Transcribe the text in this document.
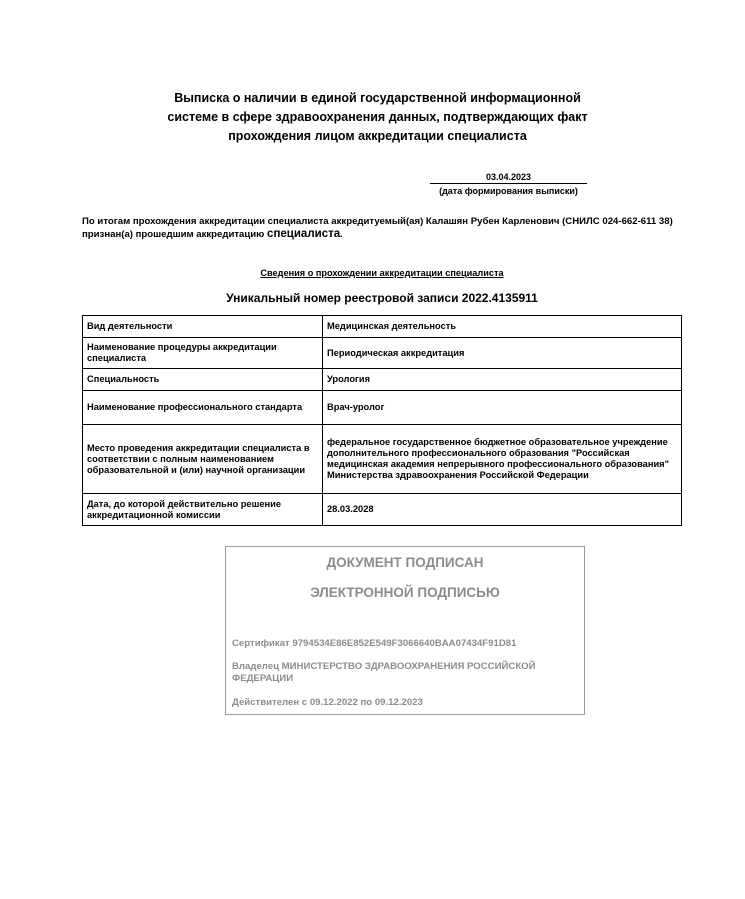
Выписка о наличии в единой государственной информационной
системе в сфере здравоохранения данных, подтверждающих факт
прохождения лицом аккредитации специалиста
03.04.2023
(дата формирования выписки)
По итогам прохождения аккредитации специалиста аккредитуемый(ая) Калашян Рубен Карленович (СНИЛС 024-662-611 38) признан(а) прошедшим аккредитацию специалиста.
Сведения о прохождении аккредитации специалиста
Уникальный номер реестровой записи 2022.4135911
Вид деятельности	Медицинская деятельность
Наименование процедуры аккредитации специалиста	Периодическая аккредитация
Специальность	Урология
Наименование профессионального стандарта	Врач-уролог
Место проведения аккредитации специалиста в соответствии с полным наименованием образовательной и (или) научной организации	федеральное государственное бюджетное образовательное учреждение дополнительного профессионального образования "Российская медицинская академия непрерывного профессионального образования" Министерства здравоохранения Российской Федерации
Дата, до которой действительно решение аккредитационной комиссии	28.03.2028
ДОКУМЕНТ ПОДПИСАН
ЭЛЕКТРОННОЙ ПОДПИСЬЮ
Сертификат 9794534E86E852E549F3066640BAA07434F91D81
Владелец МИНИСТЕРСТВО ЗДРАВООХРАНЕНИЯ РОССИЙСКОЙ ФЕДЕРАЦИИ
Действителен с 09.12.2022 по 09.12.2023
